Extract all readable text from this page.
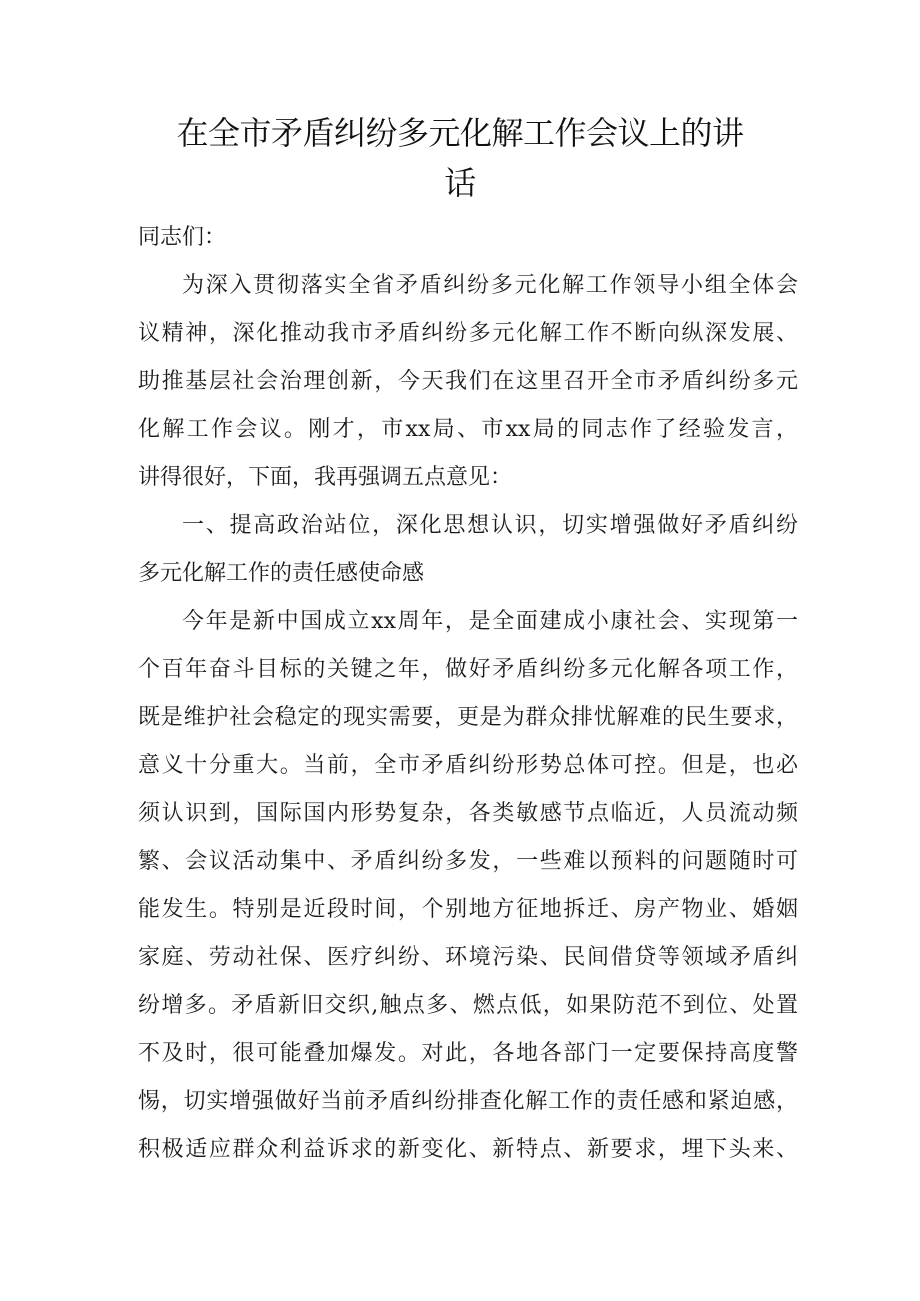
在全市矛盾纠纷多元化解工作会议上的讲
话
同志们：
为深入贯彻落实全省矛盾纠纷多元化解工作领导小组全体会
议精神，深化推动我市矛盾纠纷多元化解工作不断向纵深发展、
助推基层社会治理创新，今天我们在这里召开全市矛盾纠纷多元
化解工作会议。刚才，市xx局、市xx局的同志作了经验发言，
讲得很好，下面，我再强调五点意见：
一、提高政治站位，深化思想认识，切实增强做好矛盾纠纷
多元化解工作的责任感使命感
今年是新中国成立xx周年，是全面建成小康社会、实现第一
个百年奋斗目标的关键之年，做好矛盾纠纷多元化解各项工作，
既是维护社会稳定的现实需要，更是为群众排忧解难的民生要求，
意义十分重大。当前，全市矛盾纠纷形势总体可控。但是，也必
须认识到，国际国内形势复杂，各类敏感节点临近，人员流动频
繁、会议活动集中、矛盾纠纷多发，一些难以预料的问题随时可
能发生。特别是近段时间，个别地方征地拆迁、房产物业、婚姻
家庭、劳动社保、医疗纠纷、环境污染、民间借贷等领域矛盾纠
纷增多。矛盾新旧交织,触点多、燃点低，如果防范不到位、处置
不及时，很可能叠加爆发。对此，各地各部门一定要保持高度警
惕，切实增强做好当前矛盾纠纷排查化解工作的责任感和紧迫感，
积极适应群众利益诉求的新变化、新特点、新要求，埋下头来、
